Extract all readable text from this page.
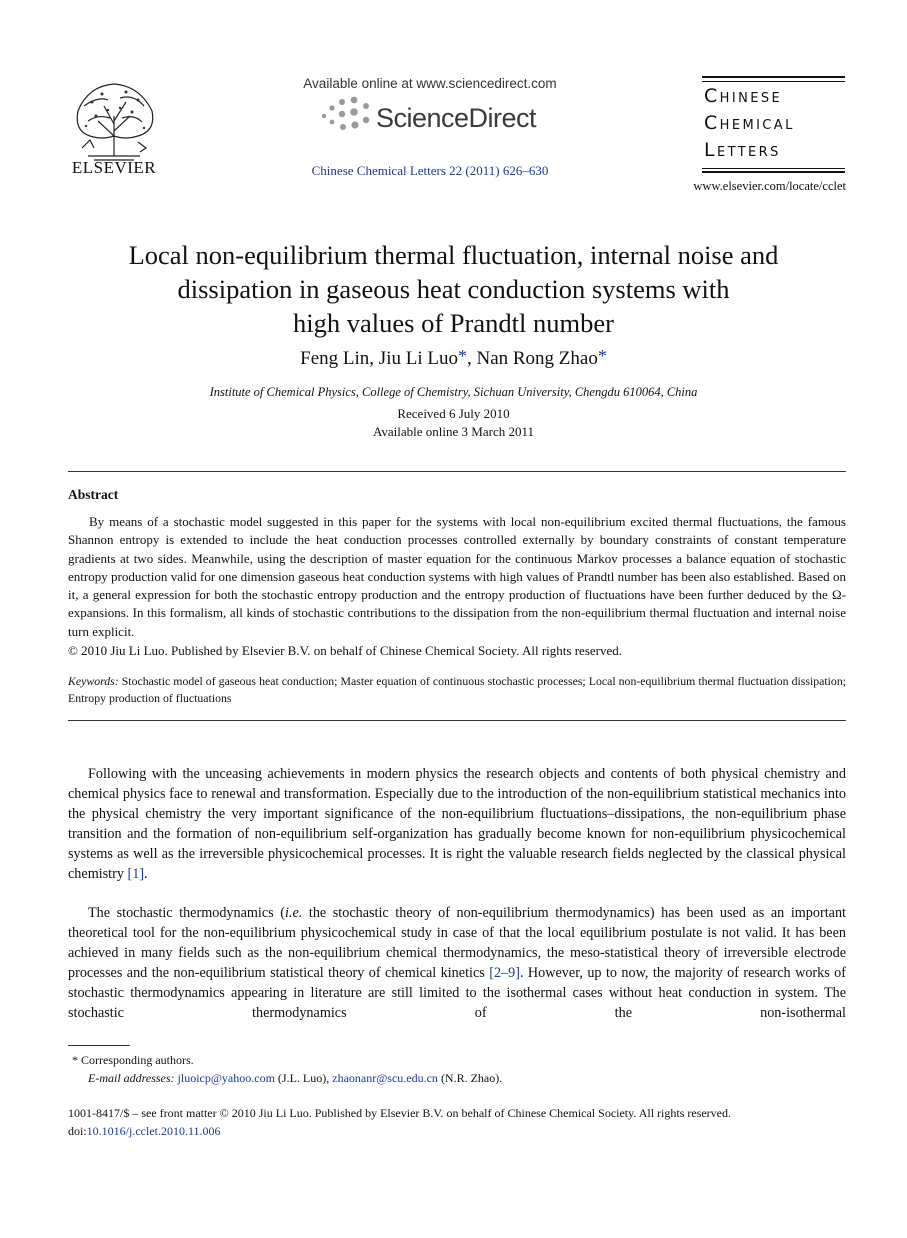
ELSEVIER
Available online at www.sciencedirect.com
ScienceDirect
Chinese Chemical Letters 22 (2011) 626–630
Chinese
Chemical
Letters
www.elsevier.com/locate/cclet
Local non-equilibrium thermal fluctuation, internal noise and
dissipation in gaseous heat conduction systems with
high values of Prandtl number
Feng Lin, Jiu Li Luo*, Nan Rong Zhao*
Institute of Chemical Physics, College of Chemistry, Sichuan University, Chengdu 610064, China
Received 6 July 2010
Available online 3 March 2011
Abstract

By means of a stochastic model suggested in this paper for the systems with local non-equilibrium excited thermal fluctuations, the famous Shannon entropy is extended to include the heat conduction processes controlled externally by boundary constraints of constant temperature gradients at two sides. Meanwhile, using the description of master equation for the continuous Markov processes a balance equation of stochastic entropy production valid for one dimension gaseous heat conduction systems with high values of Prandtl number has been also established. Based on it, a general expression for both the stochastic entropy production and the entropy production of fluctuations have been further deduced by the Ω-expansions. In this formalism, all kinds of stochastic contributions to the dissipation from the non-equilibrium thermal fluctuation and internal noise turn explicit.

© 2010 Jiu Li Luo. Published by Elsevier B.V. on behalf of Chinese Chemical Society. All rights reserved.
Keywords: Stochastic model of gaseous heat conduction; Master equation of continuous stochastic processes; Local non-equilibrium thermal fluctuation dissipation; Entropy production of fluctuations

Following with the unceasing achievements in modern physics the research objects and contents of both physical chemistry and chemical physics face to renewal and transformation. Especially due to the introduction of the non-equilibrium statistical mechanics into the physical chemistry the very important significance of the non-equilibrium fluctuations–dissipations, the non-equilibrium phase transition and the formation of non-equilibrium self-organization has gradually become known for non-equilibrium physicochemical systems as well as the irreversible physicochemical processes. It is right the valuable research fields neglected by the classical physical chemistry [1].

The stochastic thermodynamics (i.e. the stochastic theory of non-equilibrium thermodynamics) has been used as an important theoretical tool for the non-equilibrium physicochemical study in case of that the local equilibrium postulate is not valid. It has been achieved in many fields such as the non-equilibrium chemical thermodynamics, the meso-statistical theory of irreversible electrode processes and the non-equilibrium statistical theory of chemical kinetics [2–9]. However, up to now, the majority of research works of stochastic thermodynamics appearing in literature are still limited to the isothermal cases without heat conduction in system. The stochastic thermodynamics of the non-isothermal

* Corresponding authors.
E-mail addresses: jluoicp@yahoo.com (J.L. Luo), zhaonanr@scu.edu.cn (N.R. Zhao).
1001-8417/$ – see front matter © 2010 Jiu Li Luo. Published by Elsevier B.V. on behalf of Chinese Chemical Society. All rights reserved.
doi:10.1016/j.cclet.2010.11.006
